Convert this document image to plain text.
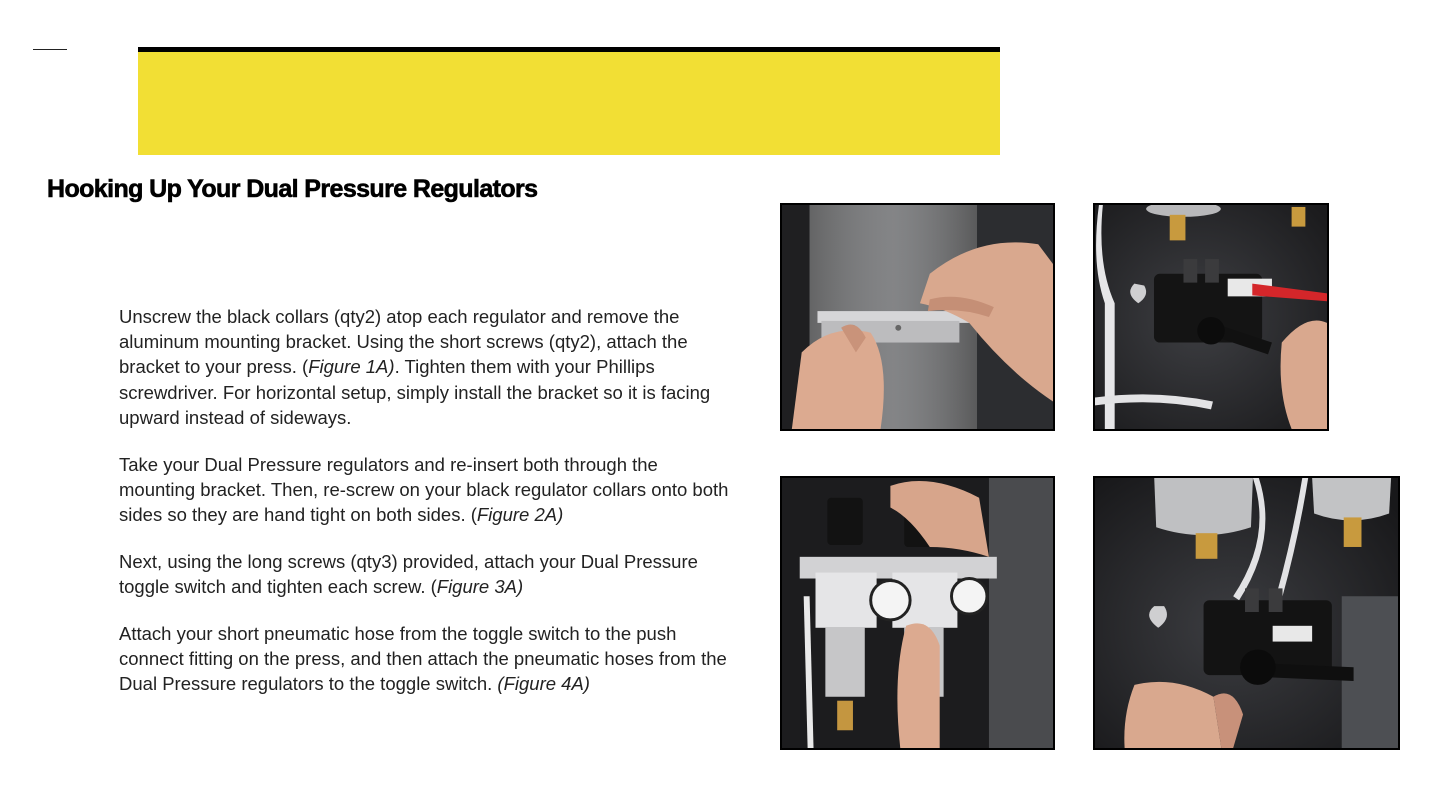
Hooking Up Your Dual Pressure Regulators

Unscrew the black collars (qty2) atop each regulator and remove the aluminum mounting bracket. Using the short screws (qty2), attach the bracket to your press. (Figure 1A). Tighten them with your Phillips screwdriver. For horizontal setup, simply install the bracket so it is facing upward instead of sideways.

Take your Dual Pressure regulators and re-insert both through the mounting bracket. Then, re-screw on your black regulator collars onto both sides so they are hand tight on both sides. (Figure 2A)

Next, using the long screws (qty3) provided, attach your Dual Pressure toggle switch and tighten each screw. (Figure 3A)

Attach your short pneumatic hose from the toggle switch to the push connect fitting on the press, and then attach the pneumatic hoses from the Dual Pressure regulators to the toggle switch. (Figure 4A)
